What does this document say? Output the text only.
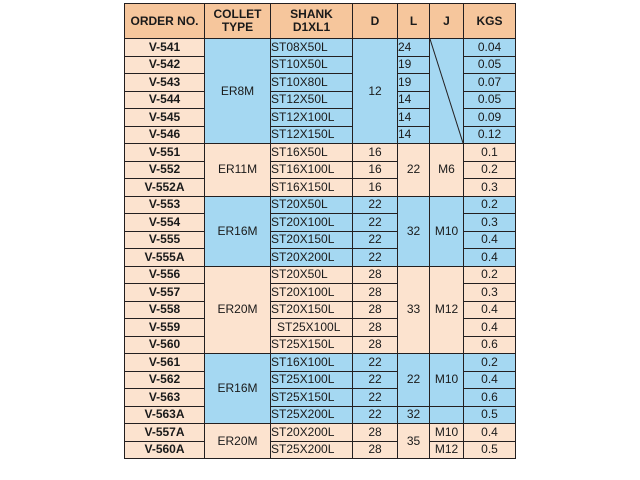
ORDER NO.	COLLET TYPE	SHANK D1XL1	D	L	J	KGS
V-541	ER8M	ST08X50L	12	24		0.04
V-542		ST10X50L		19		0.05
V-543		ST10X80L		19		0.07
V-544		ST12X50L		14		0.05
V-545		ST12X100L		14		0.09
V-546		ST12X150L		14		0.12
V-551	ER11M	ST16X50L	16	22	M6	0.1
V-552		ST16X100L	16			0.2
V-552A		ST16X150L	16			0.3
V-553	ER16M	ST20X50L	22	32	M10	0.2
V-554		ST20X100L	22			0.3
V-555		ST20X150L	22			0.4
V-555A		ST20X200L	22			0.4
V-556	ER20M	ST20X50L	28	33	M12	0.2
V-557		ST20X100L	28			0.3
V-558		ST20X150L	28			0.4
V-559		ST25X100L	28			0.4
V-560		ST25X150L	28			0.6
V-561	ER16M	ST16X100L	22	22	M10	0.2
V-562		ST25X100L	22			0.4
V-563		ST25X150L	22			0.6
V-563A		ST25X200L	22	32		0.5
V-557A	ER20M	ST20X200L	28	35	M10	0.4
V-560A		ST25X200L	28		M12	0.5
